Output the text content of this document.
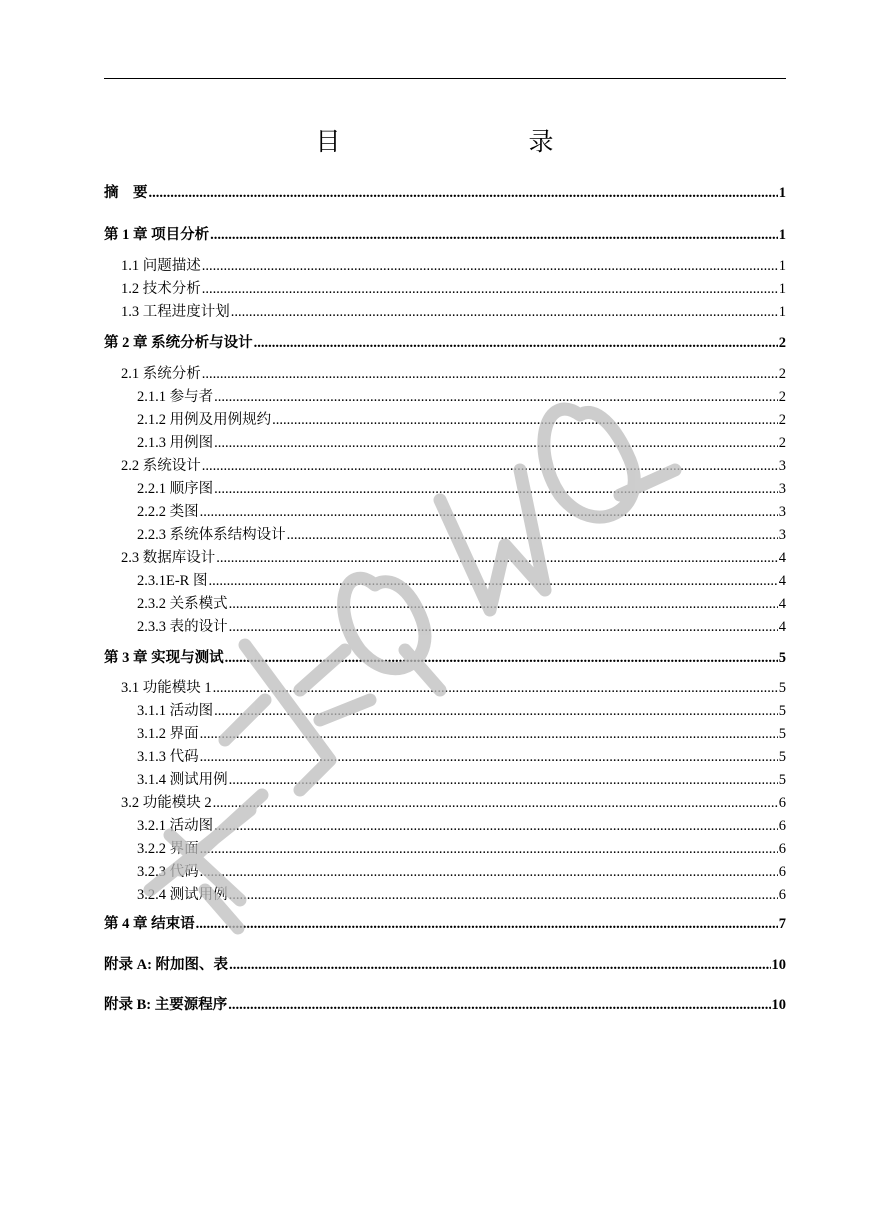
目　　录
摘　要 .....	1
第 1 章 项目分析 .....	1
1.1 问题描述 .....	1
1.2 技术分析 .....	1
1.3 工程进度计划 .....	1
第 2 章 系统分析与设计 .....	2
2.1 系统分析 .....	2
2.1.1 参与者 .....	2
2.1.2 用例及用例规约 .....	2
2.1.3 用例图 .....	2
2.2 系统设计 .....	3
2.2.1 顺序图 .....	3
2.2.2 类图 .....	3
2.2.3 系统体系结构设计 .....	3
2.3 数据库设计 .....	4
2.3.1E-R 图 .....	4
2.3.2 关系模式 .....	4
2.3.3 表的设计 .....	4
第 3 章 实现与测试 .....	5
3.1 功能模块 1 .....	5
3.1.1 活动图 .....	5
3.1.2 界面 .....	5
3.1.3 代码 .....	5
3.1.4 测试用例 .....	5
3.2 功能模块 2 .....	6
3.2.1 活动图 .....	6
3.2.2 界面 .....	6
3.2.3 代码 .....	6
3.2.4 测试用例 .....	6
第 4 章 结束语 .....	7
附录 A: 附加图、表 .....	10
附录 B: 主要源程序 .....	10
